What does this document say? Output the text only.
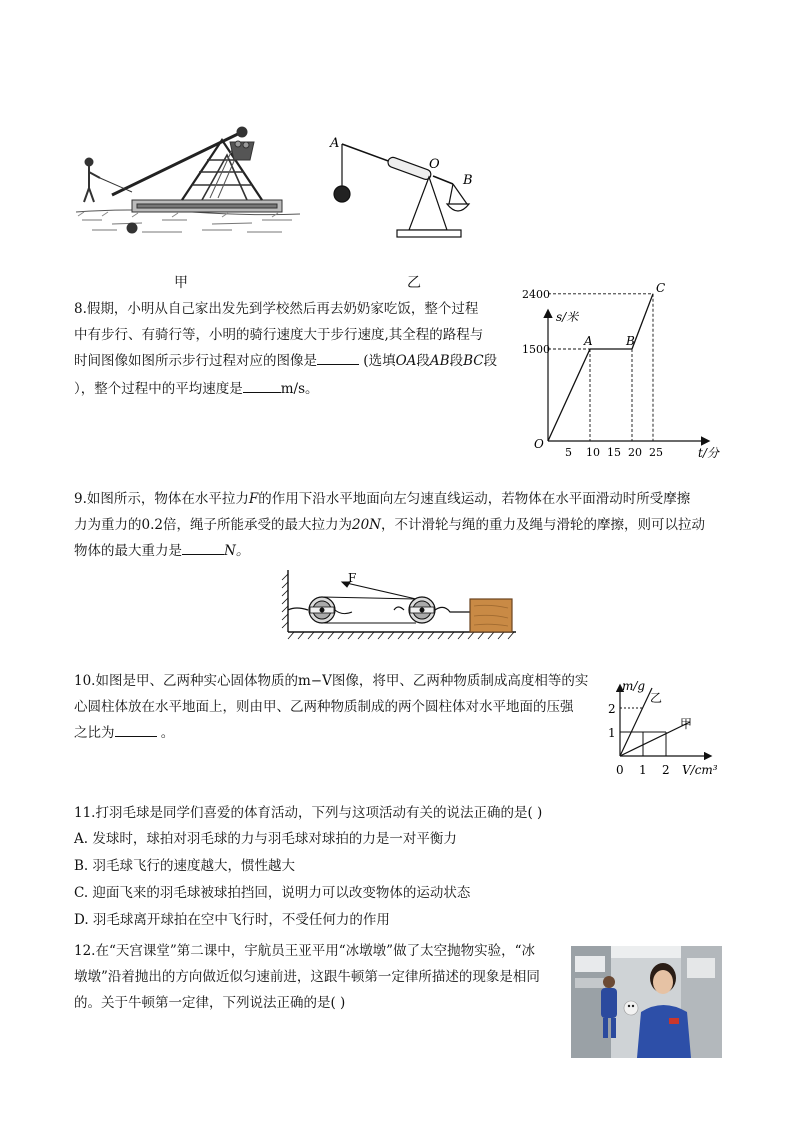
A
O
B
甲	乙
8.假期，小明从自己家出发先到学校然后再去奶奶家吃饭，整个过程
中有步行、有骑行等，小明的骑行速度大于步行速度,其全程的路程与
时间图像如图所示步行过程对应的图像是	(选填OA段AB段BC段
），整个过程中的平均速度是	m/s。
A	B
C
2400
1500
5 10 15 20 25
s/米
t/分
O
9.如图所示，物体在水平拉力F的作用下沿水平地面向左匀速直线运动，若物体在水平面滑动时所受摩擦
力为重力的0.2倍，绳子所能承受的最大拉力为20N，不计滑轮与绳的重力及绳与滑轮的摩擦，则可以拉动
物体的最大重力是	N。
F
10.如图是甲、乙两种实心固体物质的m−V图像，将甲、乙两种物质制成高度相等的实
心圆柱体放在水平地面上，则由甲、乙两种物质制成的两个圆柱体对水平地面的压强
之比为	。
m/g
V/cm³
0
2
1
1 2
乙
甲
11.打羽毛球是同学们喜爱的体育活动，下列与这项活动有关的说法正确的是( )
A. 发球时，球拍对羽毛球的力与羽毛球对球拍的力是一对平衡力
B. 羽毛球飞行的速度越大，惯性越大
C. 迎面飞来的羽毛球被球拍挡回，说明力可以改变物体的运动状态
D. 羽毛球离开球拍在空中飞行时，不受任何力的作用
12.在“天宫课堂”第二课中，宇航员王亚平用“冰墩墩”做了太空抛物实验，“冰
墩墩”沿着抛出的方向做近似匀速前进，这跟牛顿第一定律所描述的现象是相同
的。关于牛顿第一定律，下列说法正确的是( )
